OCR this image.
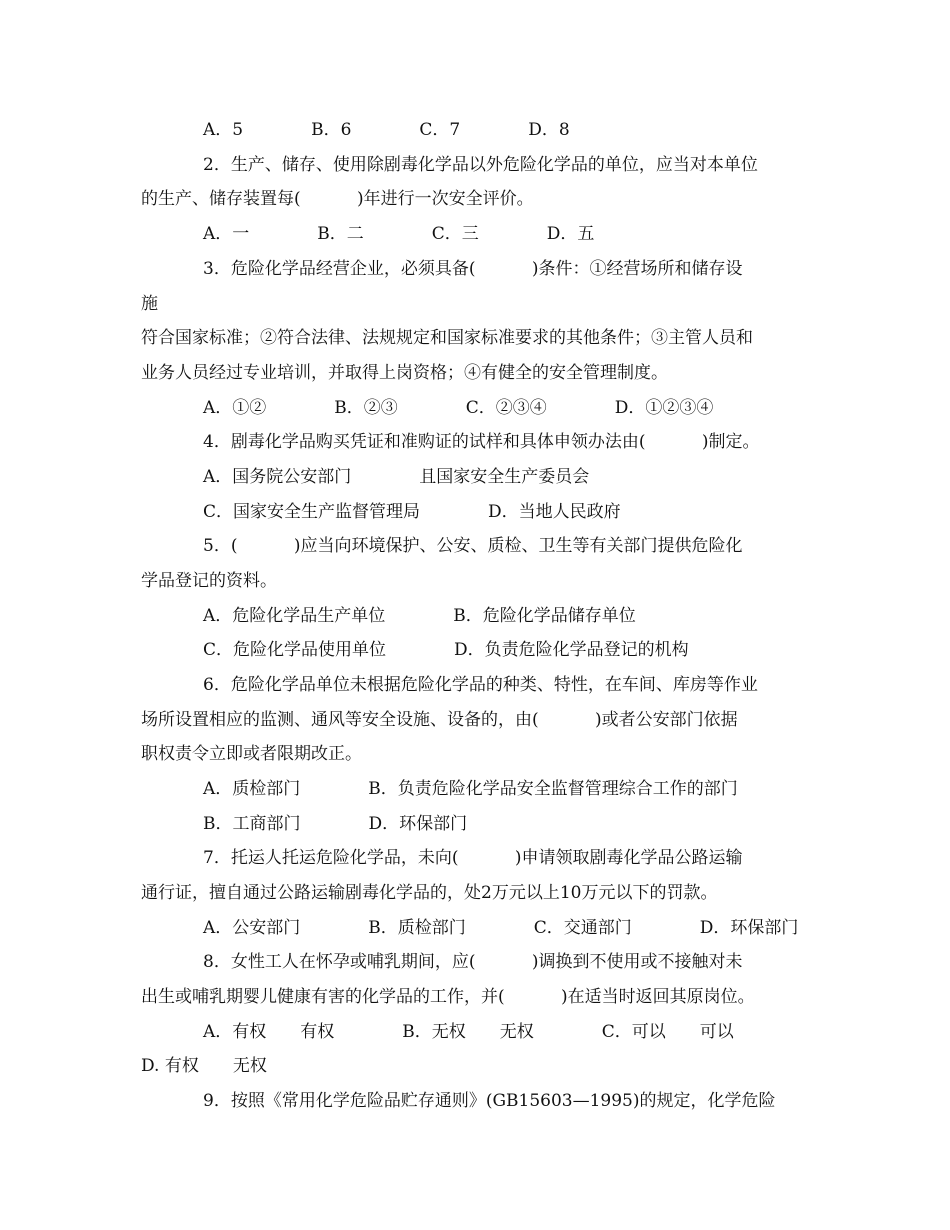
A．5　　　　B．6　　　　C．7　　　　D．8
2．生产、储存、使用除剧毒化学品以外危险化学品的单位，应当对本单位
的生产、储存装置每(　　　 )年进行一次安全评价。
A．一　　　　B．二　　　　C．三　　　　D．五
3．危险化学品经营企业，必须具备(　　　 )条件：①经营场所和储存设
施
符合国家标准；②符合法律、法规规定和国家标准要求的其他条件；③主管人员和
业务人员经过专业培训，并取得上岗资格；④有健全的安全管理制度。
A．①②　　　　B．②③　　　　C．②③④　　　　D．①②③④
4．剧毒化学品购买凭证和准购证的试样和具体申领办法由(　　　 )制定。
A．国务院公安部门　　　　且国家安全生产委员会
C．国家安全生产监督管理局　　　　D．当地人民政府
5．(　　　 )应当向环境保护、公安、质检、卫生等有关部门提供危险化
学品登记的资料。
A．危险化学品生产单位　　　　B．危险化学品储存单位
C．危险化学品使用单位　　　　D．负责危险化学品登记的机构
6．危险化学品单位未根据危险化学品的种类、特性，在车间、库房等作业
场所设置相应的监测、通风等安全设施、设备的，由(　　　 )或者公安部门依据
职权责令立即或者限期改正。
A．质检部门　　　　B．负责危险化学品安全监督管理综合工作的部门
B．工商部门　　　　D．环保部门
7．托运人托运危险化学品，未向(　　　 )申请领取剧毒化学品公路运输
通行证，擅自通过公路运输剧毒化学品的，处2万元以上10万元以下的罚款。
A．公安部门　　　　B．质检部门　　　　C．交通部门　　　　D．环保部门
8．女性工人在怀孕或哺乳期间，应(　　　 )调换到不使用或不接触对未
出生或哺乳期婴儿健康有害的化学品的工作，并(　　　 )在适当时返回其原岗位。
A．有权　　有权　　　　B．无权　　无权　　　　C．可以　　可以
D. 有权　　无权
9．按照《常用化学危险品贮存通则》(GB15603—1995)的规定，化学危险
